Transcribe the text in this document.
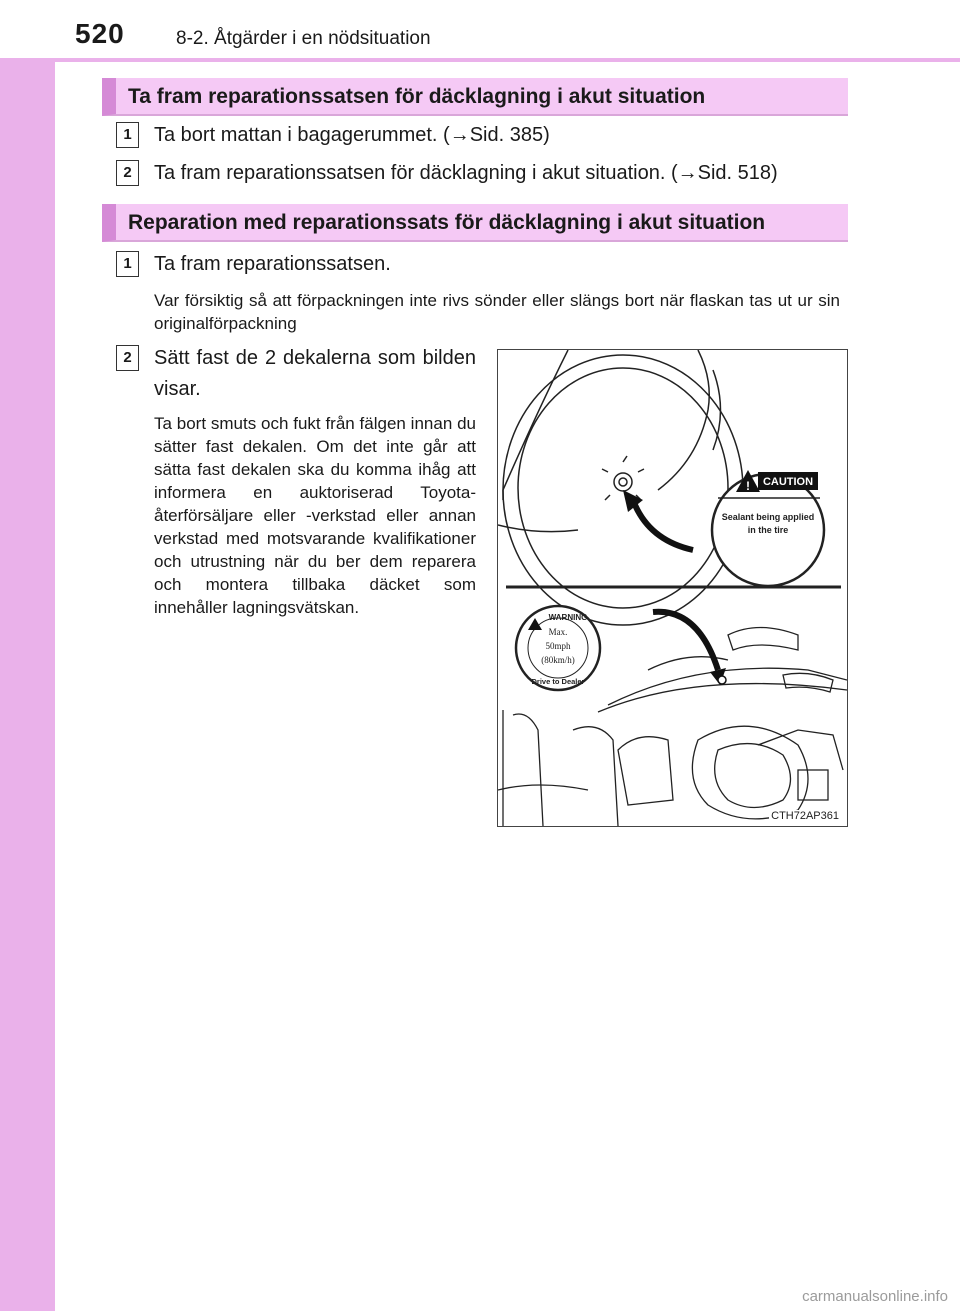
520	8-2. Åtgärder i en nödsituation
Ta fram reparationssatsen för däcklagning i akut situation
1	Ta bort mattan i bagagerummet. (→Sid. 385)
2	Ta fram reparationssatsen för däcklagning i akut situation. (→Sid. 518)
Reparation med reparationssats för däcklagning i akut situation
1	Ta fram reparationssatsen.
Var försiktig så att förpackningen inte rivs sönder eller slängs bort när flaskan tas ut ur sin originalförpackning
2	Sätt fast de 2 dekalerna som bilden visar.
Ta bort smuts och fukt från fälgen innan du sätter fast dekalen. Om det inte går att sätta fast dekalen ska du komma ihåg att informera en auktoriserad Toyota-återförsäljare eller -verkstad eller annan verkstad med motsvarande kvalifikationer och utrustning när du ber dem reparera och montera tillbaka däcket som innehåller lagningsvätskan.
! CAUTION
Sealant being applied
in the tire
WARNING
Max.
50mph
(80km/h)
Drive to Dealer
CTH72AP361
carmanualsonline.info
